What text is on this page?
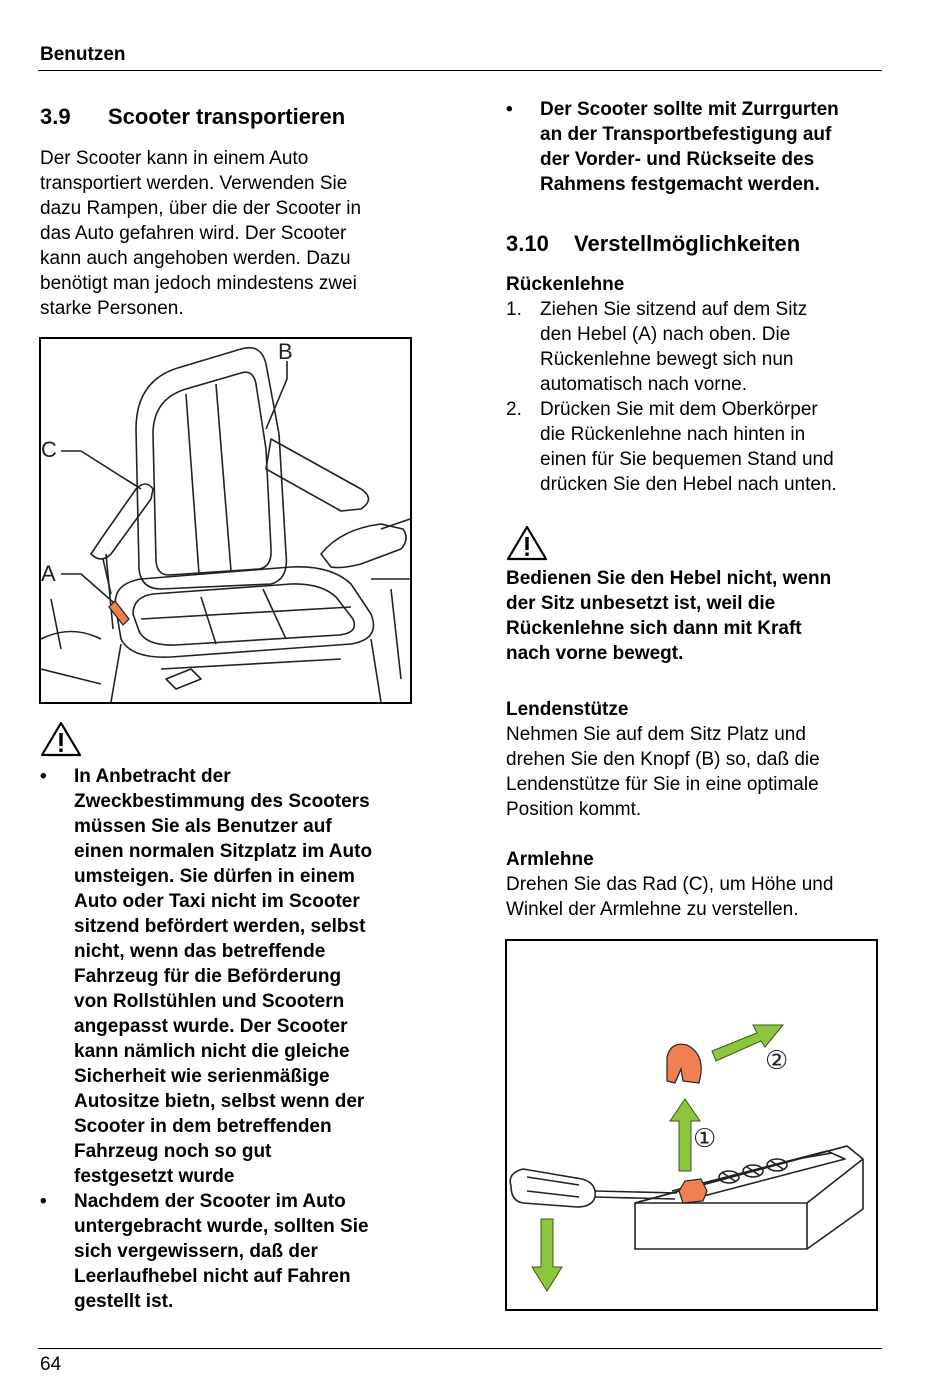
Benutzen
3.9 Scooter transportieren
Der Scooter kann in einem Auto
transportiert werden. Verwenden Sie
dazu Rampen, über die der Scooter in
das Auto gefahren wird. Der Scooter
kann auch angehoben werden. Dazu
benötigt man jedoch mindestens zwei
starke Personen.
C
A
B
• In Anbetracht der
Zweckbestimmung des Scooters
müssen Sie als Benutzer auf
einen normalen Sitzplatz im Auto
umsteigen. Sie dürfen in einem
Auto oder Taxi nicht im Scooter
sitzend befördert werden, selbst
nicht, wenn das betreffende
Fahrzeug für die Beförderung
von Rollstühlen und Scootern
angepasst wurde. Der Scooter
kann nämlich nicht die gleiche
Sicherheit wie serienmäßige
Autositze bietn, selbst wenn der
Scooter in dem betreffenden
Fahrzeug noch so gut
festgesetzt wurde
• Nachdem der Scooter im Auto
untergebracht wurde, sollten Sie
sich vergewissern, daß der
Leerlaufhebel nicht auf Fahren
gestellt ist.
• Der Scooter sollte mit Zurrgurten
an der Transportbefestigung auf
der Vorder- und Rückseite des
Rahmens festgemacht werden.
3.10 Verstellmöglichkeiten
Rückenlehne
1. Ziehen Sie sitzend auf dem Sitz
den Hebel (A) nach oben. Die
Rückenlehne bewegt sich nun
automatisch nach vorne.
2. Drücken Sie mit dem Oberkörper
die Rückenlehne nach hinten in
einen für Sie bequemen Stand und
drücken Sie den Hebel nach unten.
Bedienen Sie den Hebel nicht, wenn
der Sitz unbesetzt ist, weil die
Rückenlehne sich dann mit Kraft
nach vorne bewegt.
Lendenstütze
Nehmen Sie auf dem Sitz Platz und
drehen Sie den Knopf (B) so, daß die
Lendenstütze für Sie in eine optimale
Position kommt.
Armlehne
Drehen Sie das Rad (C), um Höhe und
Winkel der Armlehne zu verstellen.
①
②
64
